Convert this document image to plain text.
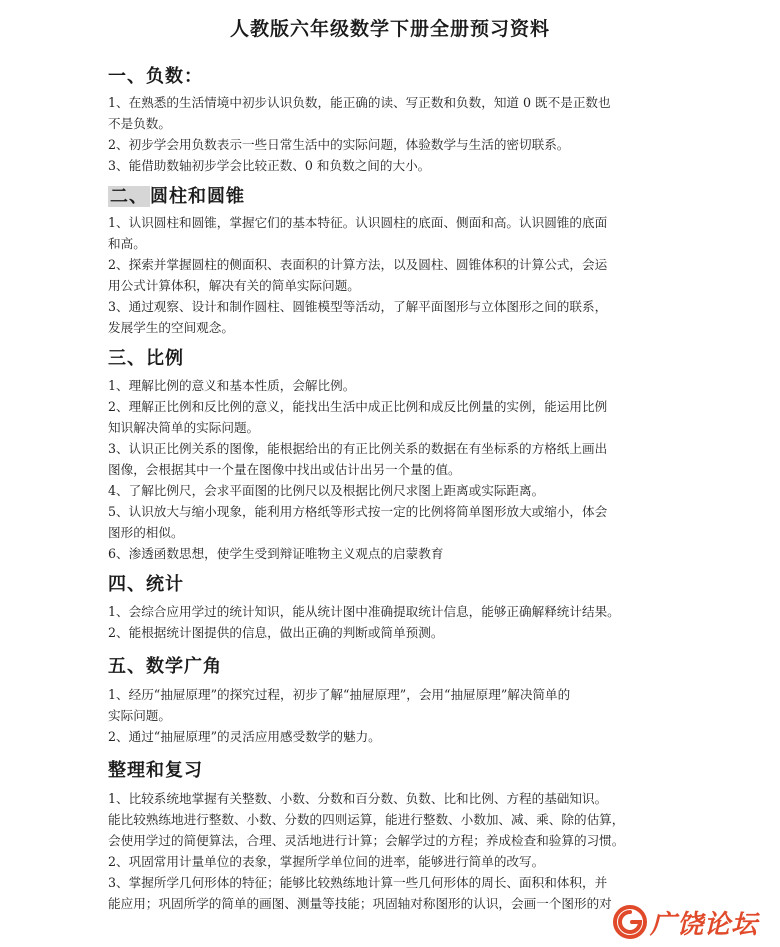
人教版六年级数学下册全册预习资料
一、负数：
1、在熟悉的生活情境中初步认识负数，能正确的读、写正数和负数，知道 0 既不是正数也
不是负数。
2、初步学会用负数表示一些日常生活中的实际问题，体验数学与生活的密切联系。
3、能借助数轴初步学会比较正数、0 和负数之间的大小。
二、 圆柱和圆锥
1、认识圆柱和圆锥，掌握它们的基本特征。认识圆柱的底面、侧面和高。认识圆锥的底面
和高。
2、探索并掌握圆柱的侧面积、表面积的计算方法，以及圆柱、圆锥体积的计算公式，会运
用公式计算体积，解决有关的简单实际问题。
3、通过观察、设计和制作圆柱、圆锥模型等活动，了解平面图形与立体图形之间的联系，
发展学生的空间观念。
三、比例
1、理解比例的意义和基本性质，会解比例。
2、理解正比例和反比例的意义，能找出生活中成正比例和成反比例量的实例，能运用比例
知识解决简单的实际问题。
3、认识正比例关系的图像，能根据给出的有正比例关系的数据在有坐标系的方格纸上画出
图像，会根据其中一个量在图像中找出或估计出另一个量的值。
4、了解比例尺，会求平面图的比例尺以及根据比例尺求图上距离或实际距离。
5、认识放大与缩小现象，能利用方格纸等形式按一定的比例将简单图形放大或缩小，体会
图形的相似。
6、渗透函数思想，使学生受到辩证唯物主义观点的启蒙教育
四、统计
1、会综合应用学过的统计知识，能从统计图中准确提取统计信息，能够正确解释统计结果。
2、能根据统计图提供的信息，做出正确的判断或简单预测。
五、数学广角
1、经历“抽屉原理”的探究过程，初步了解“抽屉原理”，会用“抽屉原理”解决简单的
实际问题。
2、通过“抽屉原理”的灵活应用感受数学的魅力。
整理和复习
1、比较系统地掌握有关整数、小数、分数和百分数、负数、比和比例、方程的基础知识。
能比较熟练地进行整数、小数、分数的四则运算，能进行整数、小数加、减、乘、除的估算，
会使用学过的简便算法，合理、灵活地进行计算；会解学过的方程；养成检查和验算的习惯。
2、巩固常用计量单位的表象，掌握所学单位间的进率，能够进行简单的改写。
3、掌握所学几何形体的特征；能够比较熟练地计算一些几何形体的周长、面积和体积，并
能应用；巩固所学的简单的画图、测量等技能；巩固轴对称图形的认识，会画一个图形的对
广饶论坛
